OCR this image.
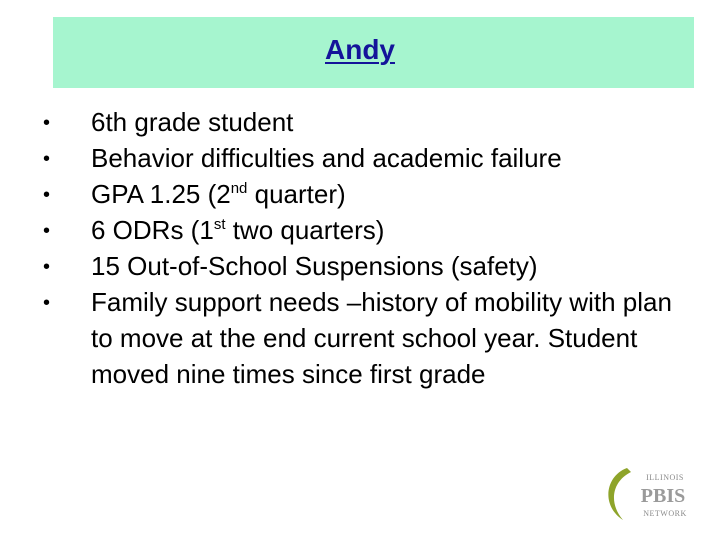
Andy
• 6th grade student
• Behavior difficulties and academic failure
• GPA 1.25 (2nd quarter)
• 6 ODRs (1st two quarters)
• 15 Out-of-School Suspensions (safety)
• Family support needs –history of mobility with plan to move at the end current school year. Student moved nine times since first grade
ILLINOIS
PBIS
NETWORK
